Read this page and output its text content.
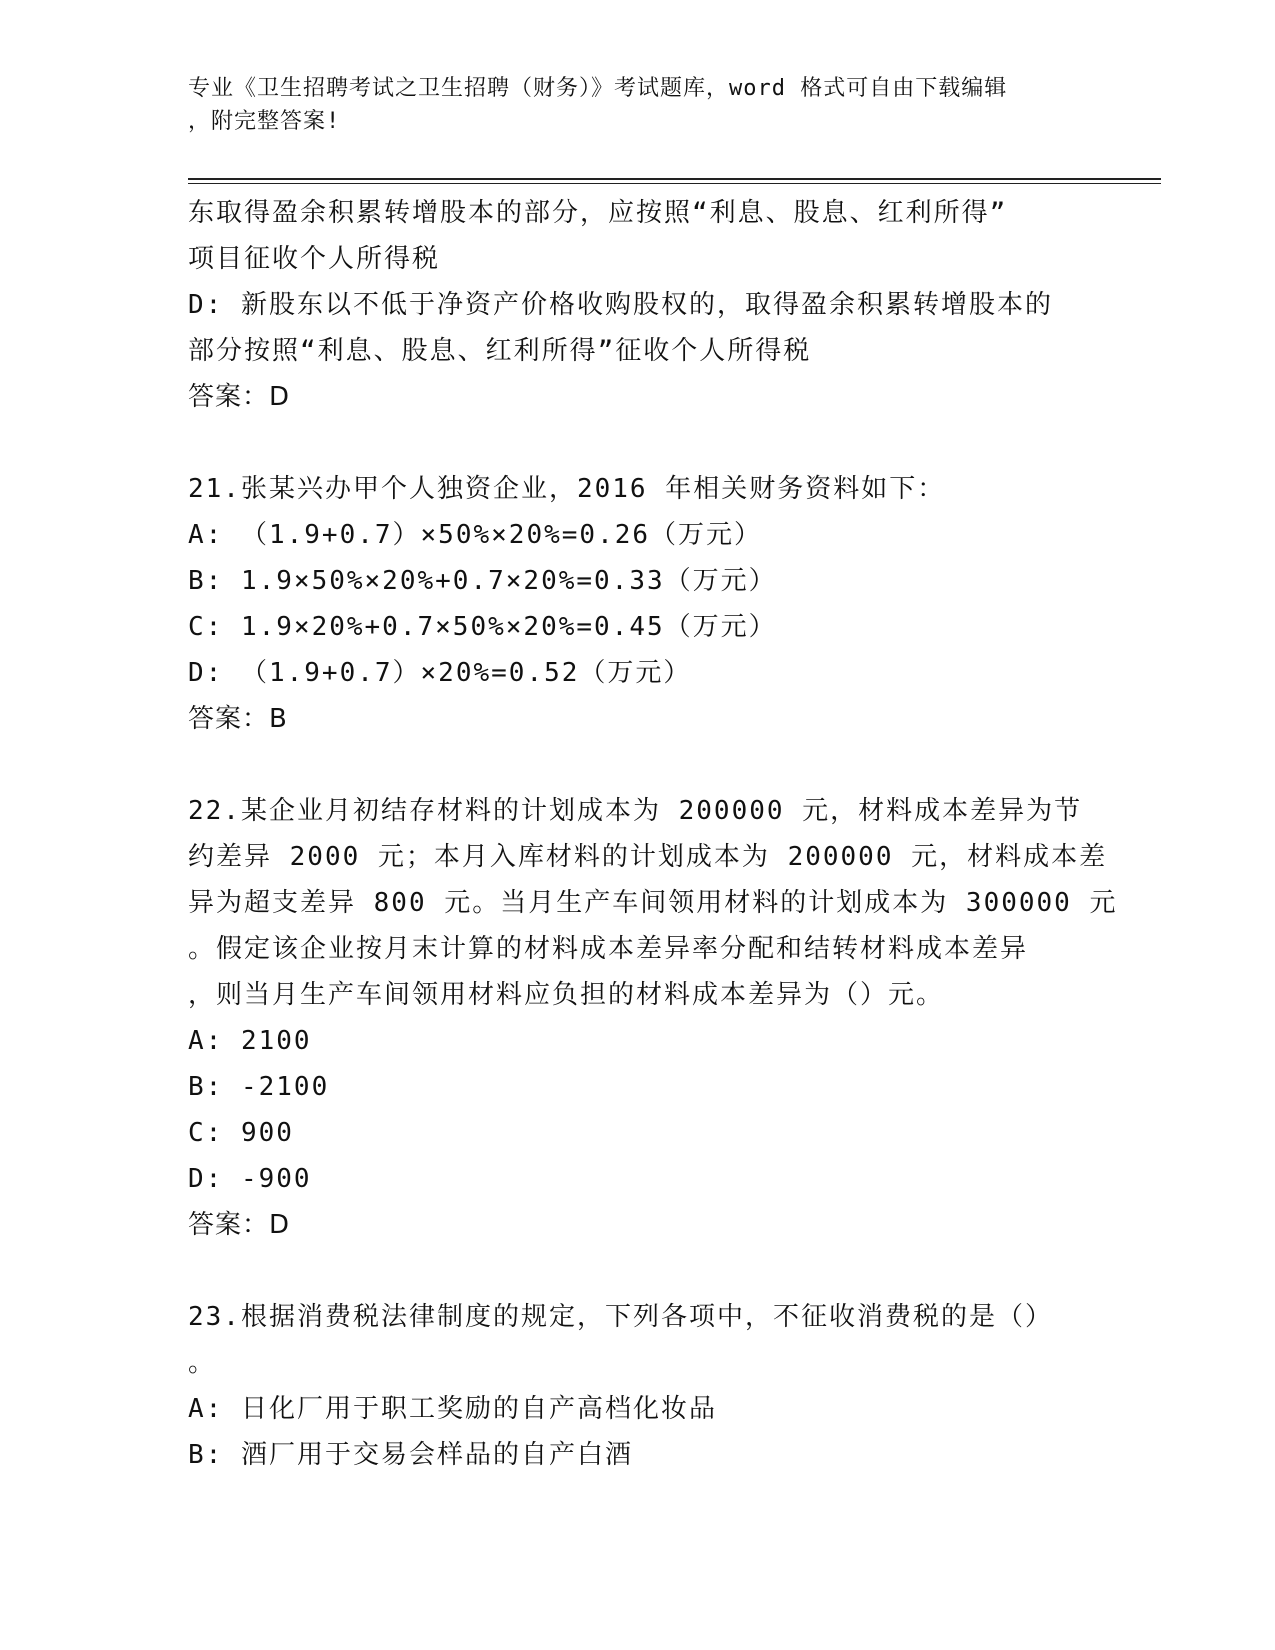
专业《卫生招聘考试之卫生招聘（财务）》考试题库，word 格式可自由下载编辑
，附完整答案!
东取得盈余积累转增股本的部分，应按照“利息、股息、红利所得”
项目征收个人所得税
D: 新股东以不低于净资产价格收购股权的，取得盈余积累转增股本的
部分按照“利息、股息、红利所得”征收个人所得税
答案：D
21.张某兴办甲个人独资企业，2016 年相关财务资料如下：
A: （1.9+0.7）×50%×20%=0.26（万元）
B: 1.9×50%×20%+0.7×20%=0.33（万元）
C: 1.9×20%+0.7×50%×20%=0.45（万元）
D: （1.9+0.7）×20%=0.52（万元）
答案：B
22.某企业月初结存材料的计划成本为 200000 元，材料成本差异为节
约差异 2000 元；本月入库材料的计划成本为 200000 元，材料成本差
异为超支差异 800 元。当月生产车间领用材料的计划成本为 300000 元
。假定该企业按月末计算的材料成本差异率分配和结转材料成本差异
，则当月生产车间领用材料应负担的材料成本差异为（）元。
A: 2100
B: -2100
C: 900
D: -900
答案：D
23.根据消费税法律制度的规定，下列各项中，不征收消费税的是（）
。
A: 日化厂用于职工奖励的自产高档化妆品
B: 酒厂用于交易会样品的自产白酒
